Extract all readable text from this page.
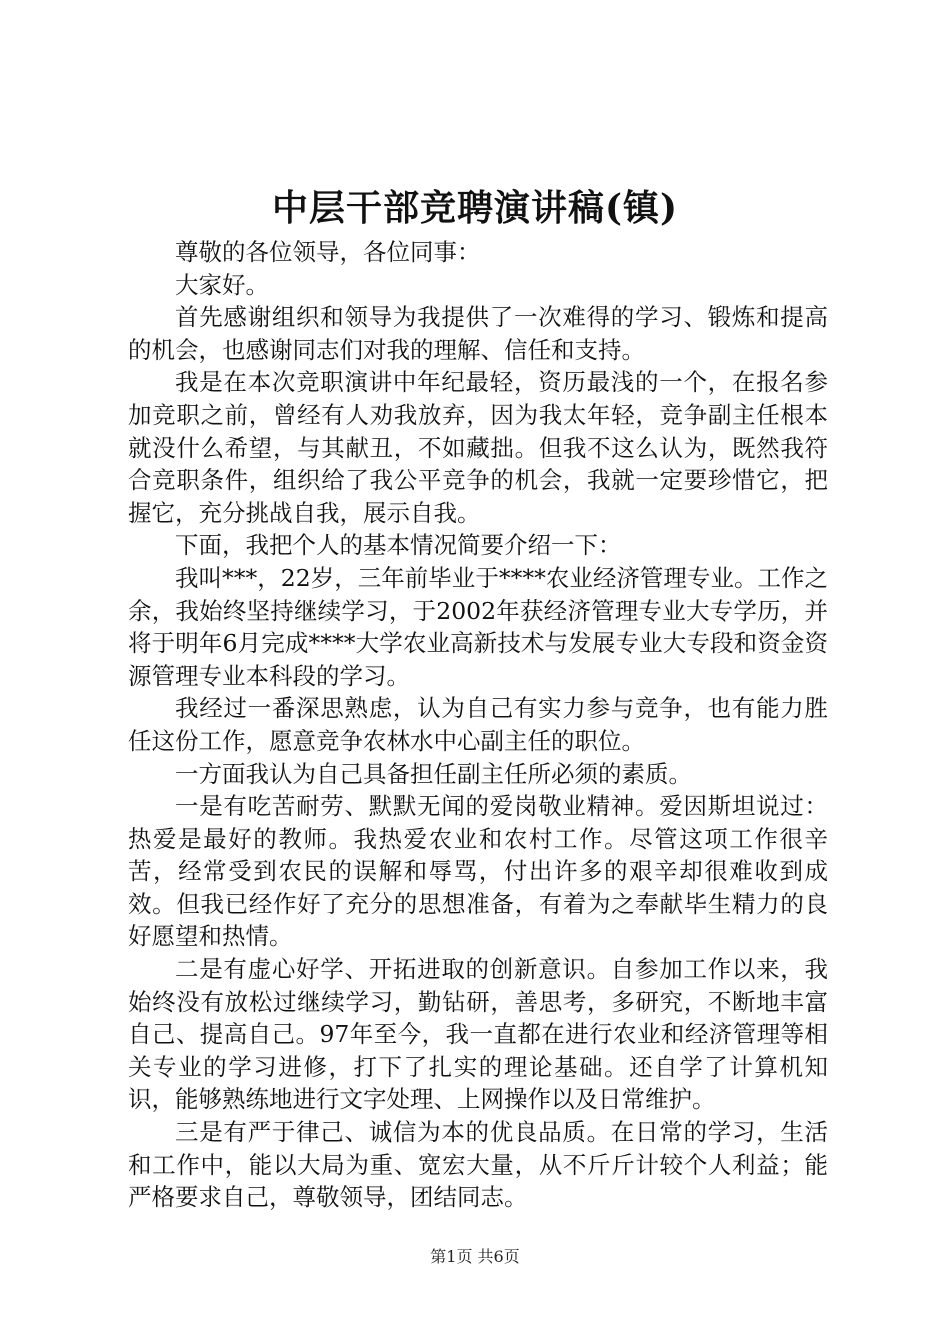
中层干部竞聘演讲稿(镇)

尊敬的各位领导，各位同事：

大家好。

首先感谢组织和领导为我提供了一次难得的学习、锻炼和提高的机会，也感谢同志们对我的理解、信任和支持。

我是在本次竞职演讲中年纪最轻，资历最浅的一个，在报名参加竞职之前，曾经有人劝我放弃，因为我太年轻，竞争副主任根本就没什么希望，与其献丑，不如藏拙。但我不这么认为，既然我符合竞职条件，组织给了我公平竞争的机会，我就一定要珍惜它，把握它，充分挑战自我，展示自我。

下面，我把个人的基本情况简要介绍一下：

我叫***，22岁，三年前毕业于****农业经济管理专业。工作之余，我始终坚持继续学习，于2002年获经济管理专业大专学历，并将于明年6月完成****大学农业高新技术与发展专业大专段和资金资源管理专业本科段的学习。

我经过一番深思熟虑，认为自己有实力参与竞争，也有能力胜任这份工作，愿意竞争农林水中心副主任的职位。

一方面我认为自己具备担任副主任所必须的素质。

一是有吃苦耐劳、默默无闻的爱岗敬业精神。爱因斯坦说过：热爱是最好的教师。我热爱农业和农村工作。尽管这项工作很辛苦，经常受到农民的误解和辱骂，付出许多的艰辛却很难收到成效。但我已经作好了充分的思想准备，有着为之奉献毕生精力的良好愿望和热情。

二是有虚心好学、开拓进取的创新意识。自参加工作以来，我始终没有放松过继续学习，勤钻研，善思考，多研究，不断地丰富自己、提高自己。97年至今，我一直都在进行农业和经济管理等相关专业的学习进修，打下了扎实的理论基础。还自学了计算机知识，能够熟练地进行文字处理、上网操作以及日常维护。

三是有严于律己、诚信为本的优良品质。在日常的学习，生活和工作中，能以大局为重、宽宏大量，从不斤斤计较个人利益；能严格要求自己，尊敬领导，团结同志。

第1页 共6页
